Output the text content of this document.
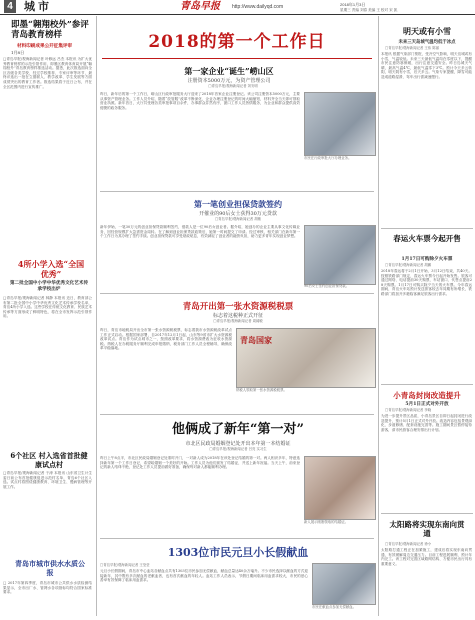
4 城市	青岛早报 http://www.dailyqd.com	2018年1月3日
星期三 责编 刘春 美编 王 校对 宋 凯
即墨“翱翔校外”参评青岛教育榜样
材料印刷成果公开征集评审
1月8日
□青岛早报/观海新闻记者 叶修远 吕杰 本报讯 为扩大优秀教育榜样的示范引领作用，即墨区教育体育局开展“翱翔校外”青岛教育榜样推选活动。据悉，此次推选面向全区各级各类学校，经过学校推荐、专家评审等环节，最终评选出一批在立德树人、教学改革、学生发展等方面成绩突出的教育工作者。推选结果将于近日公布，并在全区范围内进行宣传推广。
4所小学入选“全国优秀”
第二批全国中小学中华优秀文化艺术传承学校出炉
□青岛早报/观海新闻记者 林静 本报讯 近日，教育部公布第二批全国中小学中华优秀文化艺术传承学校名单，青岛4所小学入选。这些学校在传统文化教育、民族艺术传承等方面形成了鲜明特色，将在全市发挥示范引领作用。
6个社区 村入选省首批健康试点村
□青岛早报/观海新闻记者 于涛 本报讯 山东省卫生计生委日前公布首批健康促进示范村名单，青岛6个社区入选。试点村将围绕健康教育、环境卫生、慢病管理等开展工作。
青岛市城市供水水质公报
□ 2017年第四季度，青岛市城市公共供水水质检测结果显示，全市出厂水、管网水各项指标均符合国家标准要求。
2018的第一个工作日
第一家企业“诞生”崂山区
注册资本5000万元，为资产管理公司
□青岛早报/观海新闻记者 刘安明
昨日，新年后的第一个工作日，崂山区行政审批服务大厅迎来了2018年首家企业注册登记。该公司注册资本5000万元，主要从事资产管理业务。工作人员介绍，随着“放管服”改革不断深化，企业办理注册登记的时间大幅缩短，材料齐全当天即可领取营业执照。新年首日，大厅共受理各类审批事项百余件，办事群众井然有序，窗口工作人员热情服务，为企业和群众提供高效便捷的政务服务。
市民在行政审批大厅办理业务。
第一笔创业担保贷款签约
开催业的90后女士获得30万元贷款
□青岛早报/观海新闻记者 胡敏
新年伊始，一笔30万元的创业担保贷款顺利签约，借款人是一位90后女创业者。据介绍，她创办的企业主要从事文化传媒业务，因经营规模扩大急需资金周转。在了解到创业担保贷款政策后，她第一时间提交了申请。经过审核，相关部门在新年第一个工作日为其办理了签约手续。创业担保贷款可享受财政贴息，有效减轻了创业者的融资负担，助力更多青年实现创业梦想。
90后女士签约创业担保贷款。
青岛开出第一张水资源税税票
标志着这税种正式开征
□青岛早报/观海新闻记者 周阔敏
昨日，青岛市地税局开出全市第一张水资源税税票，标志着我市水资源税改革试点工作正式启动。根据国家部署，自2017年12月1日起，山东等9省市扩大水资源税改革试点。青岛作为试点城市之一，按照改革要求，将水资源费改为征收水资源税。纳税人在办税服务厅顺利完成申报缴纳，税务部门工作人员全程辅导，确保改革平稳落地。
青岛国家
纳税人领取第一张水资源税税票。
他俩成了新年“第一对”
市北区民政局婚姻登记处开出本年第一本结婚证
□青岛早报/观海新闻记者 吕亮 实习生
昨日上午8点半，市北区民政局婚姻登记处准时开门，一对新人成为2018年在该处登记结婚的第一对。两人相识多年，特意选择新年第一个工作日登记，希望给婚姻一个美好的开始。工作人员为他们颁发了结婚证，并送上新年祝福。当天上午，前来登记的新人络绎不绝，登记处工作人员提前做好准备，确保每对新人都能顺利办理。
新人展示刚刚领取的结婚证。
1303位市民元旦小长假献血
□青岛早报/观海新闻记者 王莹莹
元旦小长假期间，青岛市中心血站各献血点共有1303位市民参加无偿献血，献血总量达40余万毫升。不少市民选择以献血的方式迎接新年，其中既有多次献血的老献血者，也有首次献血的年轻人。血站工作人员表示，节假日期间临床用血需求较大，市民的爱心善举有效保障了临床用血需求。
市民在献血点参加无偿献血。
明天或有小雪
未来三天岛城气温均低于冰点
□青岛早报/观海新闻记者 王伟 陈丽
本报讯 根据气象部门预报，受冷空气影响，明天岛城或有小雪，气温较低。未来三天最低气温均在零度以下，提醒市民注意防寒保暖，出行注意交通安全。昨日岛城天气晴，最高气温4℃，最低气温零下3℃。预计今天多云转阴，明天阴有小雪，后天多云。气象专家提醒，降雪可能造成道路湿滑，驾车出行需减速慢行。
春运火车票今起开售
1月17日可购除夕火车票
□青岛早报/观海新闻记者 胡鹏
2018年春运将于2月1日开始，3月12日结束，共40天。按照铁路部门规定，春运火车票今日起开始发售。旅客可通过网络、电话提前30天购票，车站窗口、代售点提前28天购票。1月17日可购买除夕当天的火车票。今年春运期间，青岛火车站预计发送旅客较去年同期有所增长，铁路部门将加开多趟临客满足旅客出行需求。
小青岛封岗改造提升
5月1日正式对外开放
□青岛早报/观海新闻记者 李晓
为进一步提升景区品质，小青岛景区自即日起封闭进行改造提升，预计5月1日正式对外开放。改造内容包括景观绿化、步道修缮、配套设施完善等。施工期间景区暂停接待游客，请市民游客合理安排出行计划。
太阳路将实现东南向贯通
□青岛早报/观海新闻记者 徐小
太阳路打通工程正在加紧施工，建成后将实现东南向贯通，有效缓解周边交通压力。目前工程进展顺利，预计年内完工。该工程对完善区域路网结构、方便市民出行具有重要意义。
